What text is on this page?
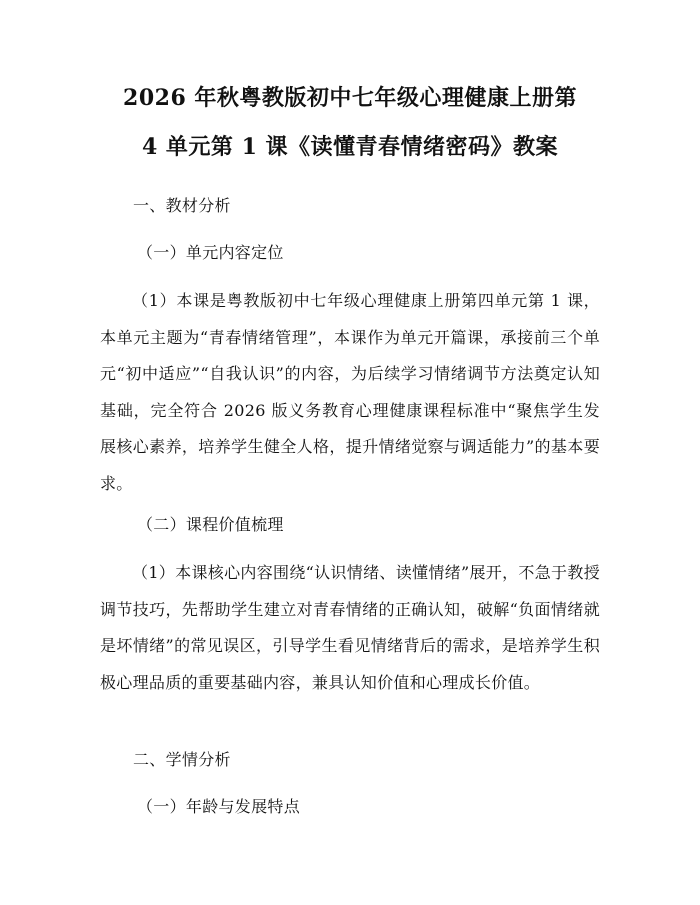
2026 年秋粤教版初中七年级心理健康上册第
4 单元第 1 课《读懂青春情绪密码》教案
一、教材分析
（一）单元内容定位

（1）本课是粤教版初中七年级心理健康上册第四单元第 1 课，本单元主题为“青春情绪管理”，本课作为单元开篇课，承接前三个单元“初中适应”“自我认识”的内容，为后续学习情绪调节方法奠定认知基础，完全符合 2026 版义务教育心理健康课程标准中“聚焦学生发展核心素养，培养学生健全人格，提升情绪觉察与调适能力”的基本要求。

（二）课程价值梳理

（1）本课核心内容围绕“认识情绪、读懂情绪”展开，不急于教授调节技巧，先帮助学生建立对青春情绪的正确认知，破解“负面情绪就是坏情绪”的常见误区，引导学生看见情绪背后的需求，是培养学生积极心理品质的重要基础内容，兼具认知价值和心理成长价值。

二、学情分析
（一）年龄与发展特点
